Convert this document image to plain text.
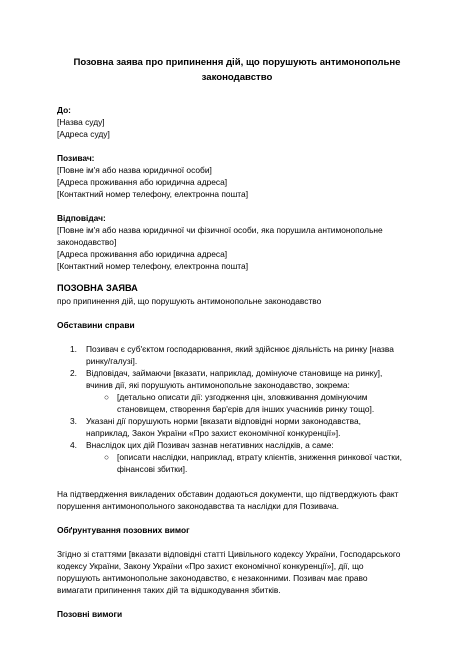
Позовна заява про припинення дій, що порушують антимонопольне
законодавство
До:
[Назва суду]
[Адреса суду]
Позивач:
[Повне ім'я або назва юридичної особи]
[Адреса проживання або юридична адреса]
[Контактний номер телефону, електронна пошта]
Відповідач:
[Повне ім'я або назва юридичної чи фізичної особи, яка порушила антимонопольне
законодавство]
[Адреса проживання або юридична адреса]
[Контактний номер телефону, електронна пошта]
ПОЗОВНА ЗАЯВА
про припинення дій, що порушують антимонопольне законодавство
Обставини справи
1. Позивач є суб'єктом господарювання, який здійснює діяльність на ринку [назва
ринку/галузі].
2. Відповідач, займаючи [вказати, наприклад, домінуюче становище на ринку],
вчинив дії, які порушують антимонопольне законодавство, зокрема:
○ [детально описати дії: узгодження цін, зловживання домінуючим
становищем, створення бар'єрів для інших учасників ринку тощо].
3. Указані дії порушують норми [вказати відповідні норми законодавства,
наприклад, Закон України «Про захист економічної конкуренції»].
4. Внаслідок цих дій Позивач зазнав негативних наслідків, а саме:
○ [описати наслідки, наприклад, втрату клієнтів, зниження ринкової частки,
фінансові збитки].
На підтвердження викладених обставин додаються документи, що підтверджують факт
порушення антимонопольного законодавства та наслідки для Позивача.
Обґрунтування позовних вимог
Згідно зі статтями [вказати відповідні статті Цивільного кодексу України, Господарського
кодексу України, Закону України «Про захист економічної конкуренції»], дії, що
порушують антимонопольне законодавство, є незаконними. Позивач має право
вимагати припинення таких дій та відшкодування збитків.
Позовні вимоги
